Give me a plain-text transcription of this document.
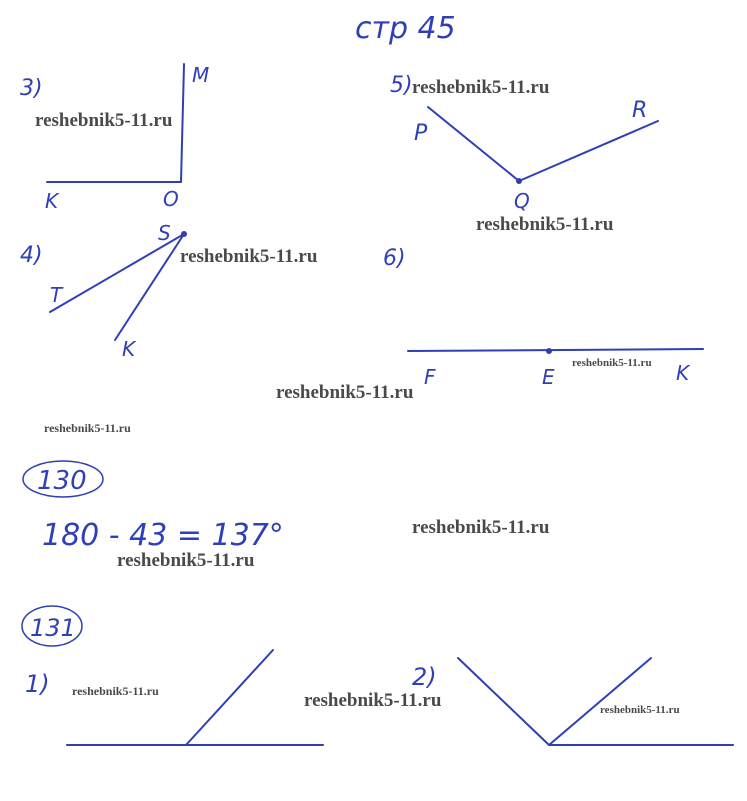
стр 45
3)
M
K	O
4)
S
T
K
5)
P
Q
R
6)
F	E	K
130
180 - 43 = 137°
131
1)	2)
reshebnik5-11.ru
reshebnik5-11.ru
reshebnik5-11.ru
reshebnik5-11.ru
reshebnik5-11.ru
reshebnik5-11.ru
reshebnik5-11.ru
reshebnik5-11.ru
reshebnik5-11.ru
reshebnik5-11.ru	reshebnik5-11.ru	reshebnik5-11.ru
